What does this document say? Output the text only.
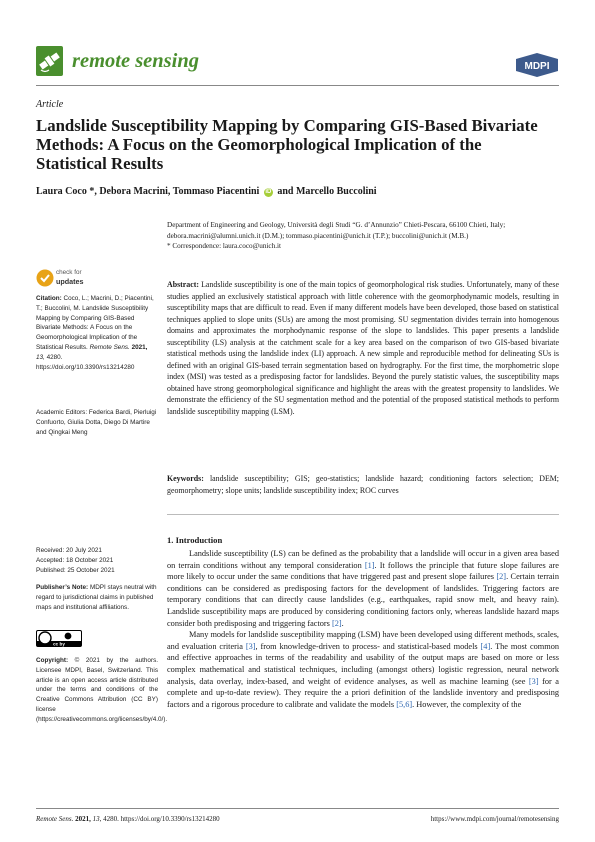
remote sensing	MDPI
Article
Landslide Susceptibility Mapping by Comparing GIS-Based Bivariate Methods: A Focus on the Geomorphological Implication of the Statistical Results
Laura Coco *, Debora Macrini, Tommaso Piacentini iD and Marcello Buccolini

Department of Engineering and Geology, Università degli Studi “G. d’Annunzio” Chieti-Pescara, 66100 Chieti, Italy; debora.macrini@alumni.unich.it (D.M.); tommaso.piacentini@unich.it (T.P.); buccolini@unich.it (M.B.)

* Correspondence: laura.coco@unich.it

Abstract: Landslide susceptibility is one of the main topics of geomorphological risk studies. Unfortunately, many of these studies applied an exclusively statistical approach with little coherence with the geomorphodynamic models, resulting in susceptibility maps that are difficult to read. Even if many different models have been developed, those based on statistical techniques applied to slope units (SUs) are among the most promising. SU segmentation divides terrain into homogenous domains and approximates the morphodynamic response of the slope to landslides. This paper presents a landslide susceptibility (LS) analysis at the catchment scale for a key area based on the comparison of two GIS-based bivariate statistical methods using the landslide index (LI) approach. A new simple and reproducible method for delineating SUs is defined with an original GIS-based terrain segmentation based on hydrography. For the first time, the morphometric slope index (MSI) was tested as a predisposing factor for landslides. Beyond the purely statistic values, the susceptibility maps obtained have strong geomorphological significance and highlight the areas with the greatest propensity to landslides. We demonstrate the efficiency of the SU segmentation method and the potential of the proposed statistical methods to perform landslide susceptibility mapping (LSM).
Keywords: landslide susceptibility; GIS; geo-statistics; landslide hazard; conditioning factors selection; DEM; geomorphometry; slope units; landslide susceptibility index; ROC curves
1. Introduction

Landslide susceptibility (LS) can be defined as the probability that a landslide will occur in a given area based on terrain conditions without any temporal consideration [1]. It follows the principle that future slope failures are more likely to occur under the same conditions that have triggered past and present slope failures [2]. Certain terrain conditions can be considered as predisposing factors for the development of landslides. Triggering factors are temporary conditions that can directly cause landslides (e.g., earthquakes, rapid snow melt, and heavy rain). Landslide susceptibility maps are produced by considering conditioning factors only, whereas landslide hazard maps consider both predisposing and triggering factors [2].

Many models for landslide susceptibility mapping (LSM) have been developed using different methods, scales, and evaluation criteria [3], from knowledge-driven to process- and statistical-based models [4]. The most common and effective approaches in terms of the readability and usability of the output maps are based on more or less complex mathematical and statistical techniques, including (amongst others) logistic regression, neural network analysis, data overlay, index-based, and weight of evidence analyses, as well as machine learning (see [3] for a complete and up-to-date review). They require the a priori definition of the landslide inventory and predisposing factors and a rigorous procedure to calibrate and validate the models [5,6]. However, the complexity of the

check for
updates
Citation: Coco, L.; Macrini, D.; Piacentini, T.; Buccolini, M. Landslide Susceptibility Mapping by Comparing GIS-Based Bivariate Methods: A Focus on the Geomorphological Implication of the Statistical Results. Remote Sens. 2021, 13, 4280. https://doi.org/10.3390/rs13214280
Academic Editors: Federica Bardi, Pierluigi Confuorto, Giulia Dotta, Diego Di Martire and Qingkai Meng

Received: 20 July 2021

Accepted: 18 October 2021

Published: 25 October 2021

Publisher’s Note: MDPI stays neutral with regard to jurisdictional claims in published maps and institutional affiliations.
cc by
Copyright: © 2021 by the authors. Licensee MDPI, Basel, Switzerland. This article is an open access article distributed under the terms and conditions of the Creative Commons Attribution (CC BY) license (https://creativecommons.org/licenses/by/4.0/).
Remote Sens. 2021, 13, 4280. https://doi.org/10.3390/rs13214280	https://www.mdpi.com/journal/remotesensing
